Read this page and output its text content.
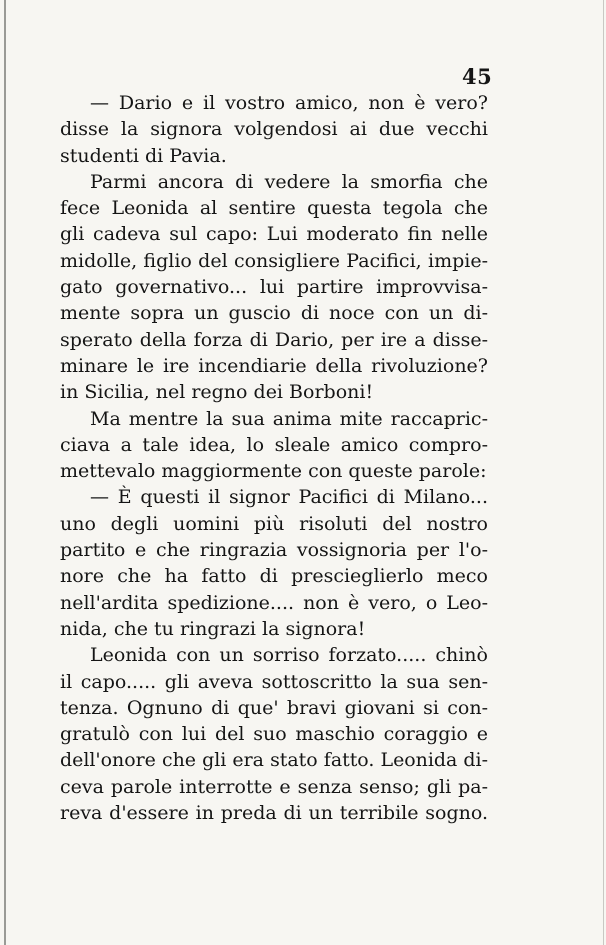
45
— Dario e il vostro amico, non è vero?
disse la signora volgendosi ai due vecchi
studenti di Pavia.
Parmi ancora di vedere la smorfia che
fece Leonida al sentire questa tegola che
gli cadeva sul capo: Lui moderato fin nelle
midolle, figlio del consigliere Pacifici, impie-
gato governativo... lui partire improvvisa-
mente sopra un guscio di noce con un di-
sperato della forza di Dario, per ire a disse-
minare le ire incendiarie della rivoluzione?
in Sicilia, nel regno dei Borboni!
Ma mentre la sua anima mite raccapric-
ciava a tale idea, lo sleale amico compro-
mettevalo maggiormente con queste parole:
— È questi il signor Pacifici di Milano...
uno degli uomini più risoluti del nostro
partito e che ringrazia vossignoria per l'o-
nore che ha fatto di prescieglierlo meco
nell'ardita spedizione.... non è vero, o Leo-
nida, che tu ringrazi la signora!
Leonida con un sorriso forzato..... chinò
il capo..... gli aveva sottoscritto la sua sen-
tenza. Ognuno di que' bravi giovani si con-
gratulò con lui del suo maschio coraggio e
dell'onore che gli era stato fatto. Leonida di-
ceva parole interrotte e senza senso; gli pa-
reva d'essere in preda di un terribile sogno.
